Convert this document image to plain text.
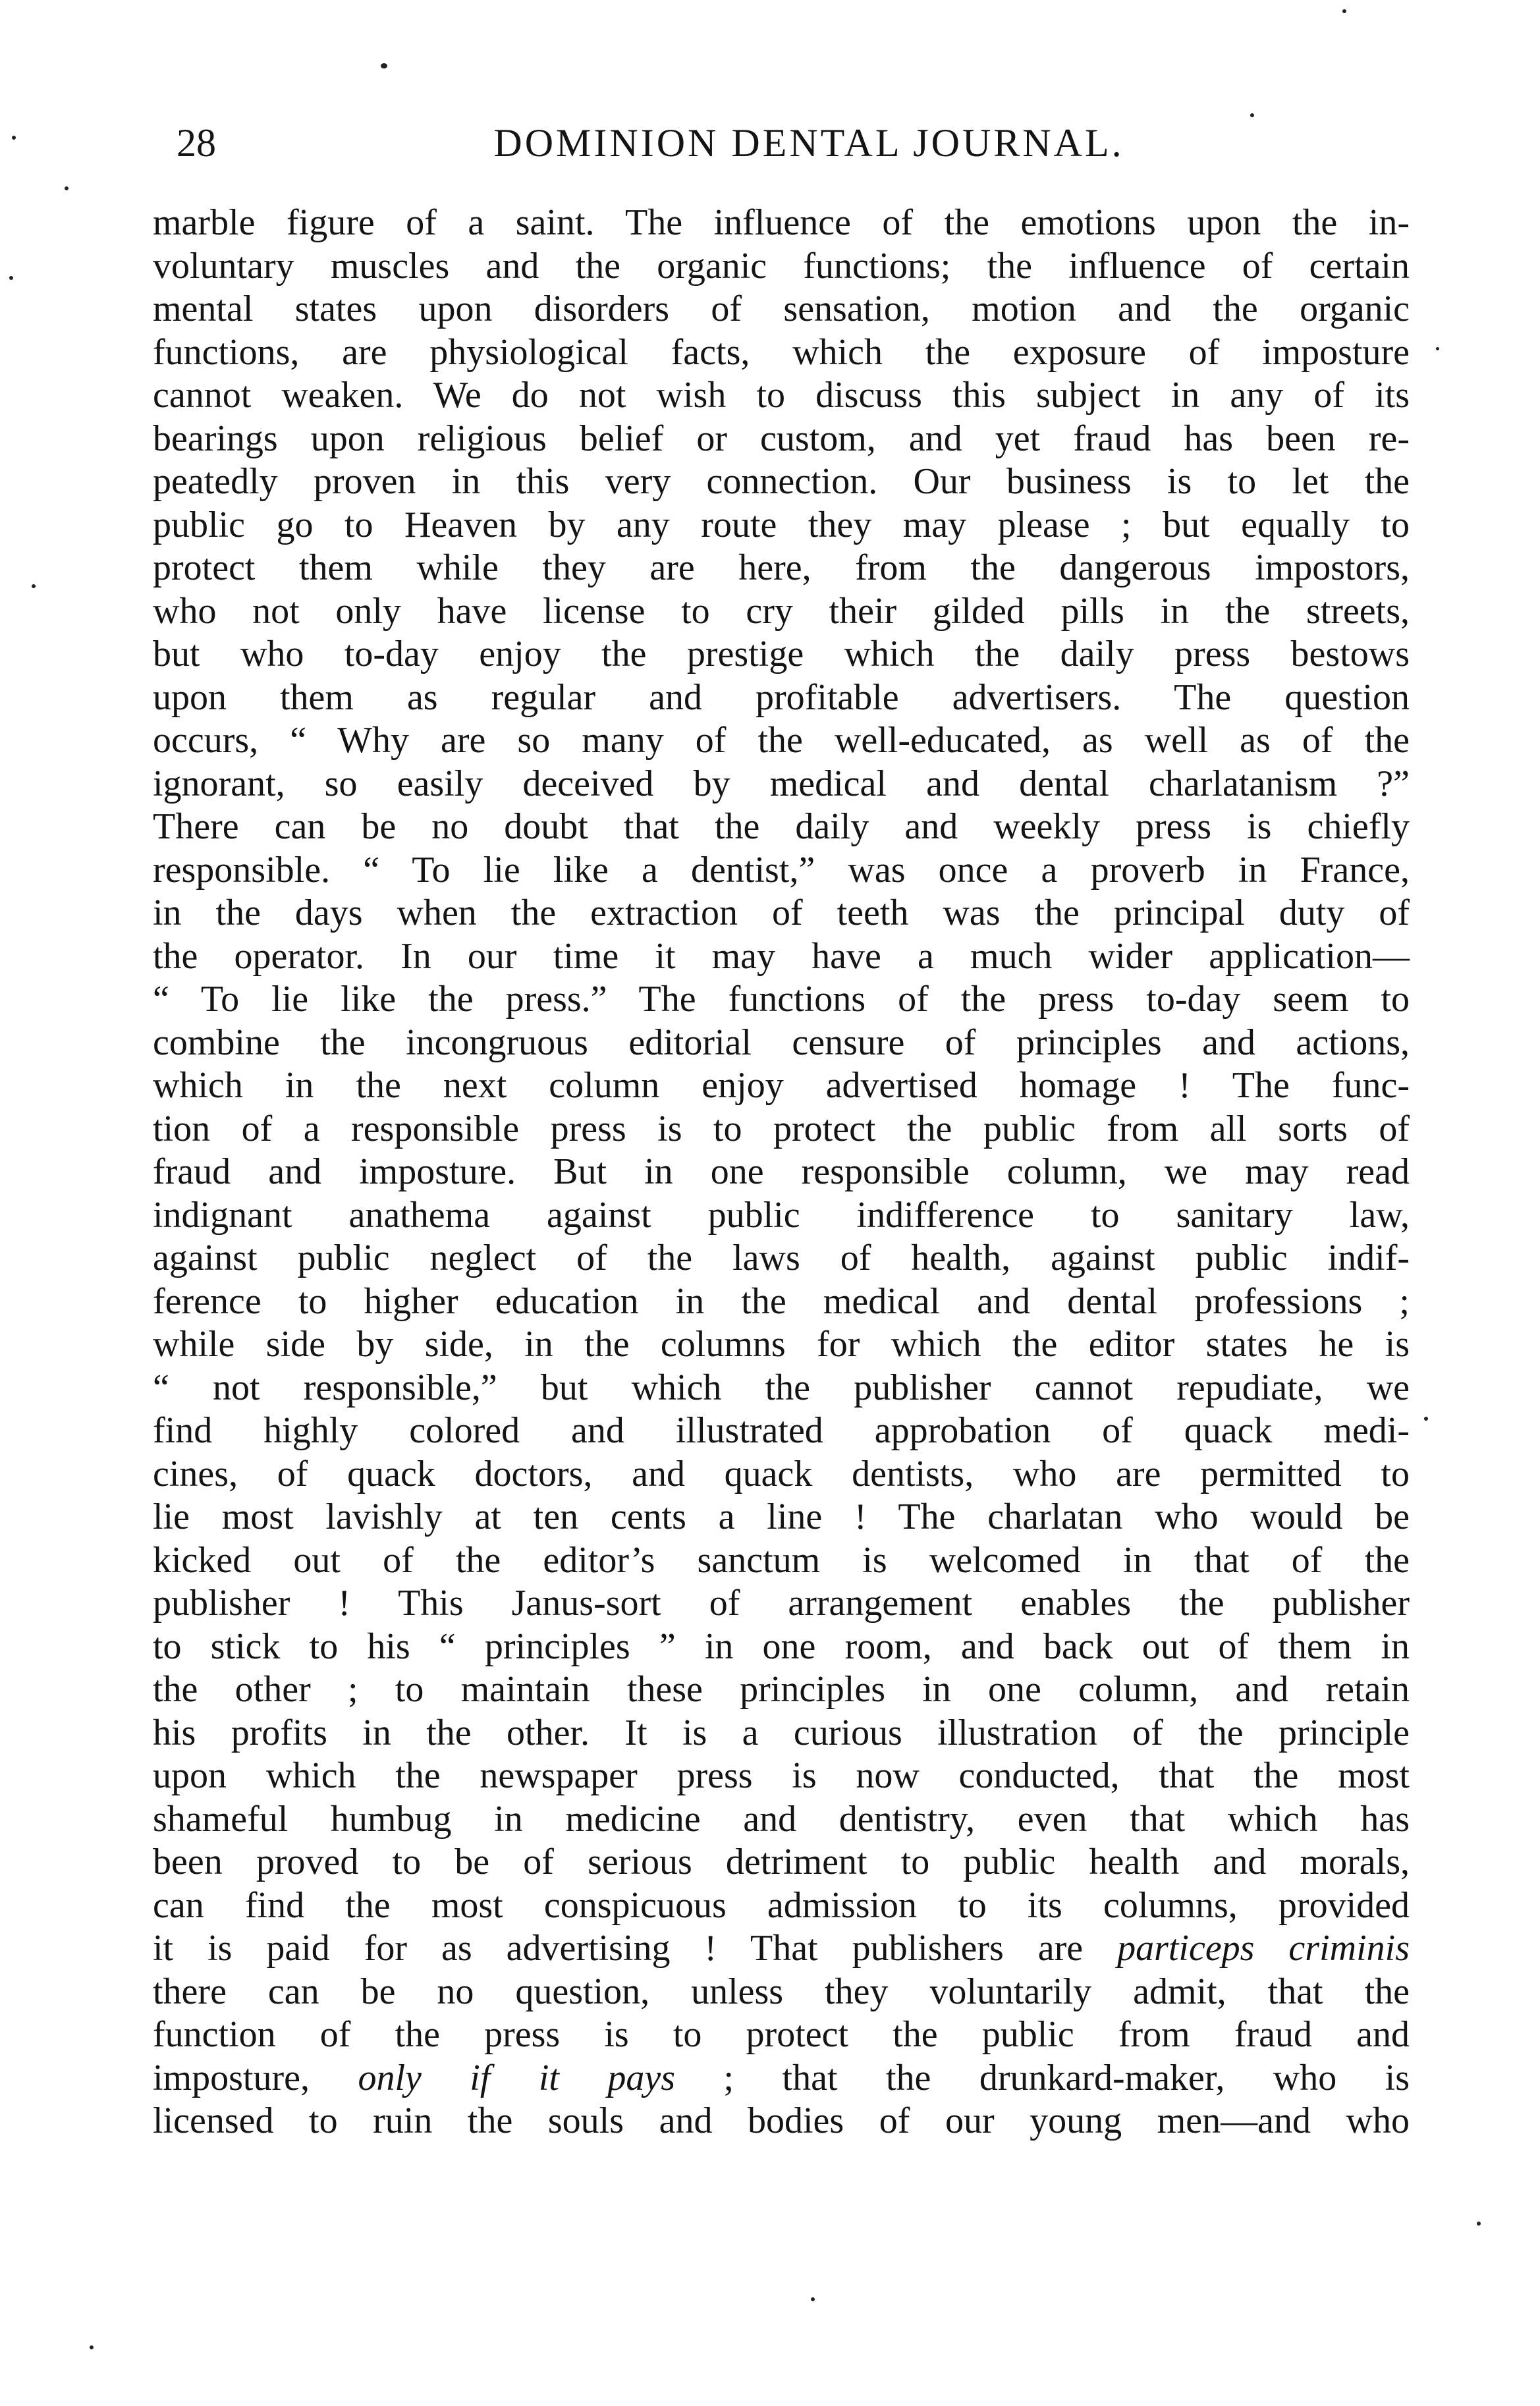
28	DOMINION DENTAL JOURNAL.
marble figure of a saint. The influence of the emotions upon the in-
voluntary muscles and the organic functions; the influence of certain
mental states upon disorders of sensation, motion and the organic
functions, are physiological facts, which the exposure of imposture
cannot weaken. We do not wish to discuss this subject in any of its
bearings upon religious belief or custom, and yet fraud has been re-
peatedly proven in this very connection. Our business is to let the
public go to Heaven by any route they may please ; but equally to
protect them while they are here, from the dangerous impostors,
who not only have license to cry their gilded pills in the streets,
but who to-day enjoy the prestige which the daily press bestows
upon them as regular and profitable advertisers. The question
occurs, “ Why are so many of the well-educated, as well as of the
ignorant, so easily deceived by medical and dental charlatanism ?”
There can be no doubt that the daily and weekly press is chiefly
responsible. “ To lie like a dentist,” was once a proverb in France,
in the days when the extraction of teeth was the principal duty of
the operator. In our time it may have a much wider application—
“ To lie like the press.” The functions of the press to-day seem to
combine the incongruous editorial censure of principles and actions,
which in the next column enjoy advertised homage ! The func-
tion of a responsible press is to protect the public from all sorts of
fraud and imposture. But in one responsible column, we may read
indignant anathema against public indifference to sanitary law,
against public neglect of the laws of health, against public indif-
ference to higher education in the medical and dental professions ;
while side by side, in the columns for which the editor states he is
“ not responsible,” but which the publisher cannot repudiate, we
find highly colored and illustrated approbation of quack medi-
cines, of quack doctors, and quack dentists, who are permitted to
lie most lavishly at ten cents a line ! The charlatan who would be
kicked out of the editor’s sanctum is welcomed in that of the
publisher ! This Janus-sort of arrangement enables the publisher
to stick to his “ principles ” in one room, and back out of them in
the other ; to maintain these principles in one column, and retain
his profits in the other. It is a curious illustration of the principle
upon which the newspaper press is now conducted, that the most
shameful humbug in medicine and dentistry, even that which has
been proved to be of serious detriment to public health and morals,
can find the most conspicuous admission to its columns, provided
it is paid for as advertising ! That publishers are particeps criminis
there can be no question, unless they voluntarily admit, that the
function of the press is to protect the public from fraud and
imposture, only if it pays ; that the drunkard-maker, who is
licensed to ruin the souls and bodies of our young men—and who
